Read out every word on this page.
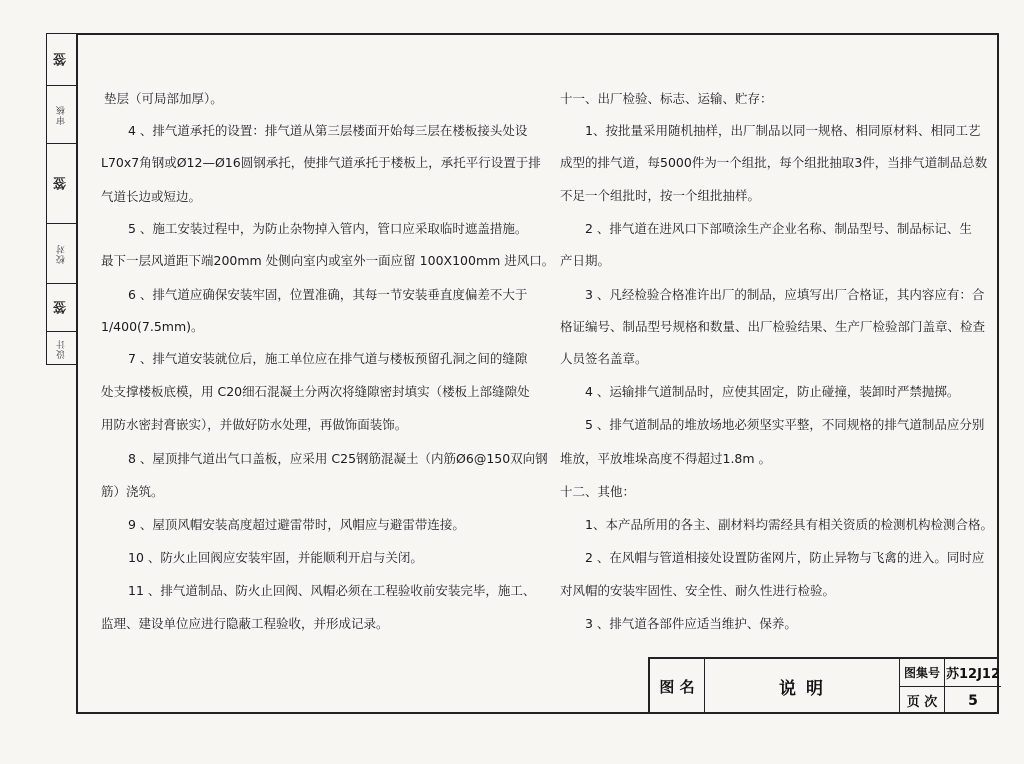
签
审核
签
校对
签
设计
垫层（可局部加厚）。
4 、排气道承托的设置：排气道从第三层楼面开始每三层在楼板接头处设
L70x7角钢或Ø12—Ø16圆钢承托，使排气道承托于楼板上，承托平行设置于排
气道长边或短边。
5 、施工安装过程中，为防止杂物掉入管内，管口应采取临时遮盖措施。
最下一层风道距下端200mm 处侧向室内或室外一面应留 100X100mm 进风口。
6 、排气道应确保安装牢固，位置准确，其每一节安装垂直度偏差不大于
1/400(7.5mm)。
7 、排气道安装就位后，施工单位应在排气道与楼板预留孔洞之间的缝隙
处支撑楼板底模，用 C20细石混凝土分两次将缝隙密封填实（楼板上部缝隙处
用防水密封膏嵌实），并做好防水处理，再做饰面装饰。
8 、屋顶排气道出气口盖板，应采用 C25钢筋混凝土（内筋Ø6@150双向钢
筋）浇筑。
9 、屋顶风帽安装高度超过避雷带时，风帽应与避雷带连接。
10 、防火止回阀应安装牢固，并能顺利开启与关闭。
11 、排气道制品、防火止回阀、风帽必须在工程验收前安装完毕，施工、
监理、建设单位应进行隐蔽工程验收，并形成记录。
十一、出厂检验、标志、运输、贮存：
1、按批量采用随机抽样，出厂制品以同一规格、相同原材料、相同工艺
成型的排气道，每5000件为一个组批，每个组批抽取3件，当排气道制品总数
不足一个组批时，按一个组批抽样。
2 、排气道在进风口下部喷涂生产企业名称、制品型号、制品标记、生
产日期。
3 、凡经检验合格准许出厂的制品，应填写出厂合格证，其内容应有：合
格证编号、制品型号规格和数量、出厂检验结果、生产厂检验部门盖章、检查
人员签名盖章。
4 、运输排气道制品时，应使其固定，防止碰撞，装卸时严禁抛掷。
5 、排气道制品的堆放场地必须坚实平整，不同规格的排气道制品应分别
堆放，平放堆垛高度不得超过1.8m 。
十二、其他：
1、本产品所用的各主、副材料均需经具有相关资质的检测机构检测合格。
2 、在风帽与管道相接处设置防雀网片，防止异物与飞禽的进入。同时应
对风帽的安装牢固性、安全性、耐久性进行检验。
3 、排气道各部件应适当维护、保养。
图 名	说 明
图集号 苏12J12
页 次	5
